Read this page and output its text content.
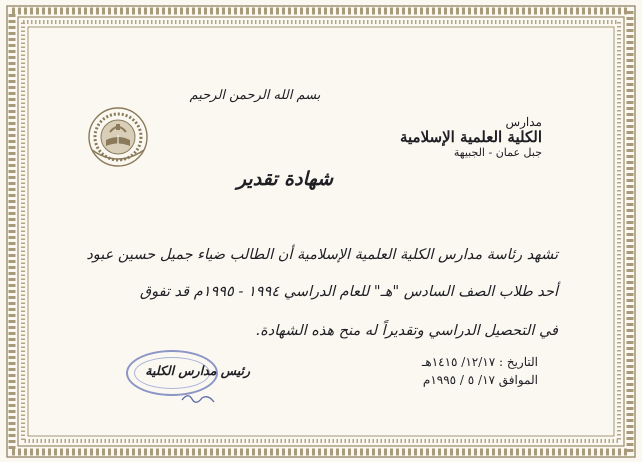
بسم الله الرحمن الرحيم
مدارس
الكلية العلمية الإسلامية
جبل عمان - الجبيهة
شهادة تقدير
تشهد رئاسة مدارس الكلية العلمية الإسلامية أن الطالب ضياء جميل حسين عبود
أحد طلاب الصف السادس "هـ" للعام الدراسي ١٩٩٤ - ١٩٩٥م قد تفوق
في التحصيل الدراسي وتقديراً له منح هذه الشهادة.
التاريخ : ١٢/١٧/ ١٤١٥هـ
الموافق ١٧/ ٥ / ١٩٩٥م
رئيس مدارس الكلية
